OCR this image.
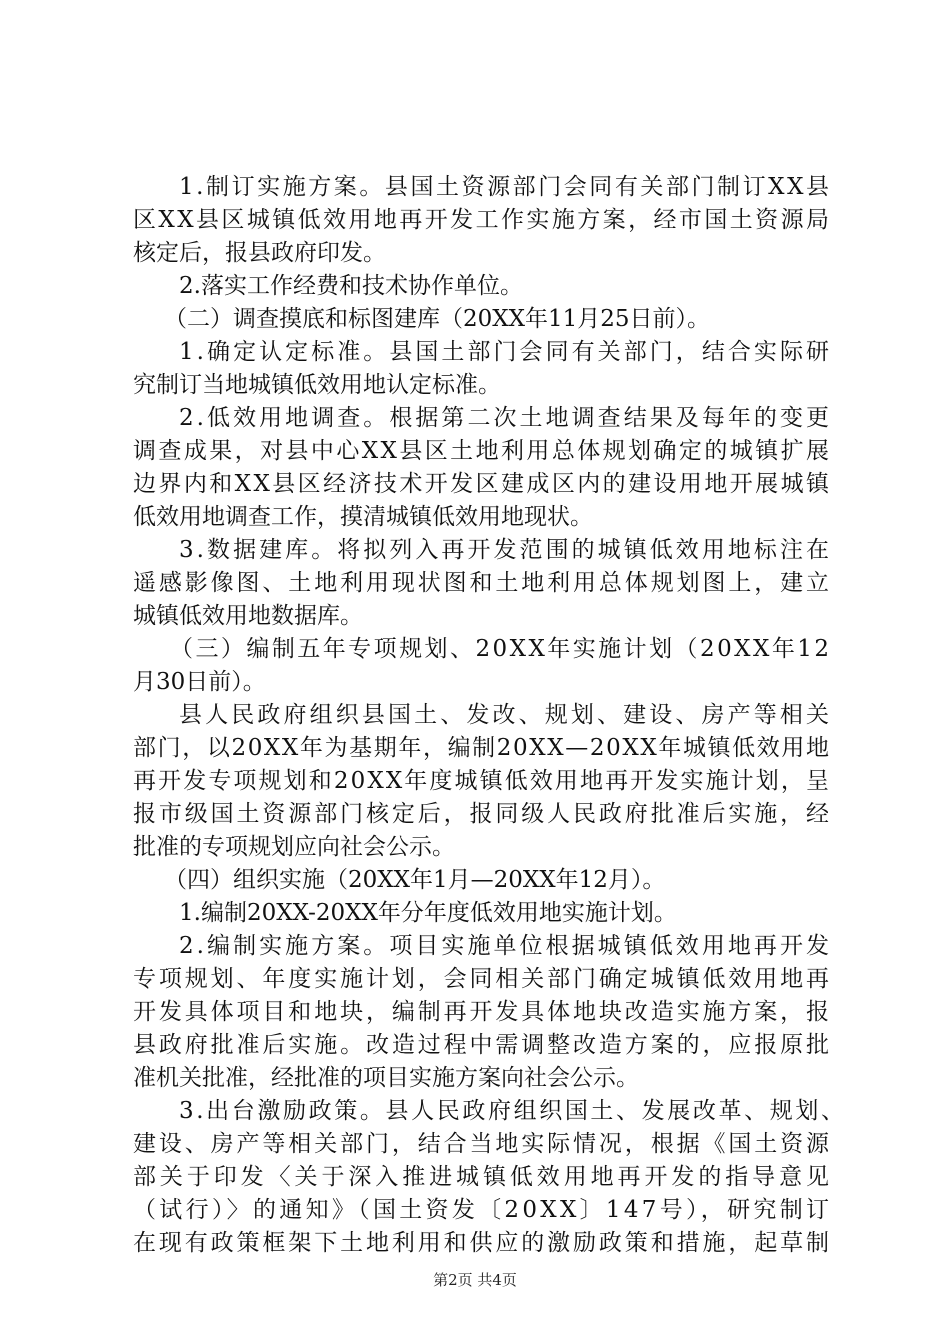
1.制订实施方案。县国土资源部门会同有关部门制订XX县
区XX县区城镇低效用地再开发工作实施方案，经市国土资源局
核定后，报县政府印发。
2.落实工作经费和技术协作单位。
（二）调查摸底和标图建库（20XX年11月25日前）。
1.确定认定标准。县国土部门会同有关部门，结合实际研
究制订当地城镇低效用地认定标准。
2.低效用地调查。根据第二次土地调查结果及每年的变更
调查成果，对县中心XX县区土地利用总体规划确定的城镇扩展
边界内和XX县区经济技术开发区建成区内的建设用地开展城镇
低效用地调查工作，摸清城镇低效用地现状。
3.数据建库。将拟列入再开发范围的城镇低效用地标注在
遥感影像图、土地利用现状图和土地利用总体规划图上，建立
城镇低效用地数据库。
（三）编制五年专项规划、20XX年实施计划（20XX年12
月30日前）。
县人民政府组织县国土、发改、规划、建设、房产等相关
部门，以20XX年为基期年，编制20XX—20XX年城镇低效用地
再开发专项规划和20XX年度城镇低效用地再开发实施计划，呈
报市级国土资源部门核定后，报同级人民政府批准后实施，经
批准的专项规划应向社会公示。
（四）组织实施（20XX年1月—20XX年12月）。
1.编制20XX-20XX年分年度低效用地实施计划。
2.编制实施方案。项目实施单位根据城镇低效用地再开发
专项规划、年度实施计划，会同相关部门确定城镇低效用地再
开发具体项目和地块，编制再开发具体地块改造实施方案，报
县政府批准后实施。改造过程中需调整改造方案的，应报原批
准机关批准，经批准的项目实施方案向社会公示。
3.出台激励政策。县人民政府组织国土、发展改革、规划、
建设、房产等相关部门，结合当地实际情况，根据《国土资源
部关于印发〈关于深入推进城镇低效用地再开发的指导意见
（试行）〉的通知》（国土资发〔20XX〕147号），研究制订
在现有政策框架下土地利用和供应的激励政策和措施，起草制
第2页 共4页
